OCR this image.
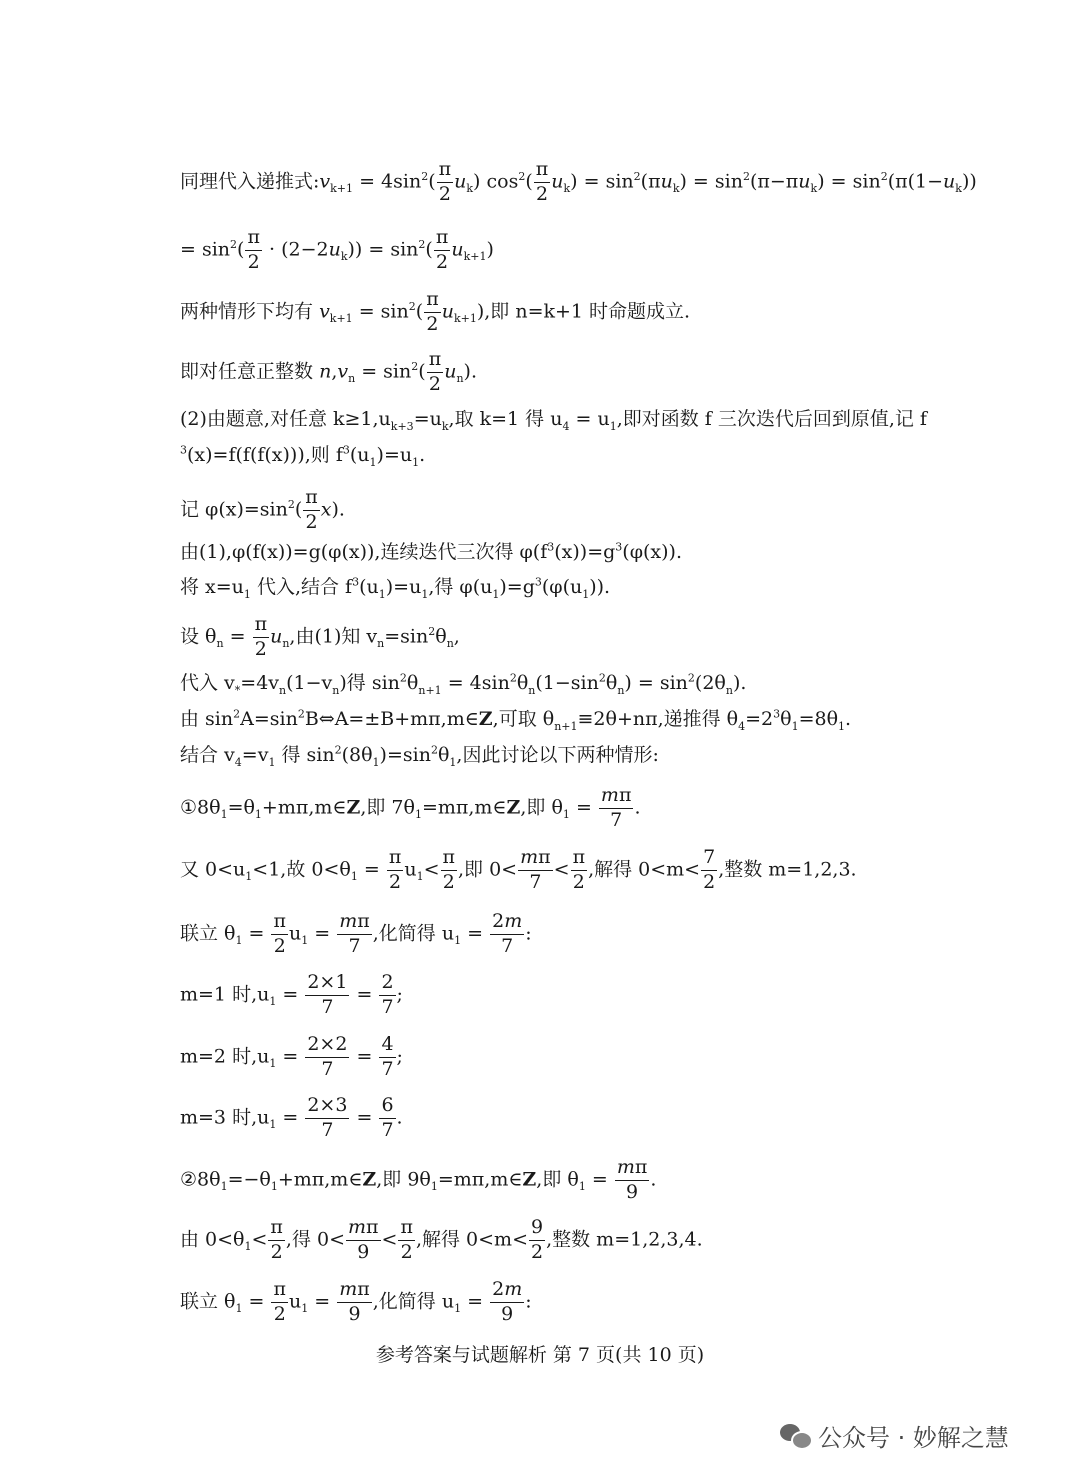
同理代入递推式$:v_{k+1} = 4\sin^2( \frac{\pi}{2} u_k)$ $\cos^2( \frac{\pi}{2} u_k) = \sin^2(\pi u_k) = \sin^2(\pi-\pi u_k) = \sin^2(\pi(1-u_k))$
= $\sin^2( \frac{\pi}{2} \cdot (2-2u_k)) = \sin^2( \frac{\pi}{2} u_{k+1})$
两种情形下均有 $v_{k+1} = \sin^2( \frac{\pi}{2} u_{k+1})$,即 n=k+1 时命题成立.
即对任意正整数 $n,v_n = \sin^2( \frac{\pi}{2} u_n)$.
(2)由题意,对任意 $k\ge 1,u_{k+3}=u_k$,取 k=1 得 $u_4 = u_1$,即对函数 f 三次迭代后回到原值,记 f
$^3$(x)=f(f(f(x))),则 $f^3(u_1)=u_1$.
记 $\varphi(x)=\sin^2( \frac{\pi}{2} x)$.
由(1),φ(f(x))=g(φ(x)),连续迭代三次得 $\varphi(f^3(x))=g^3(\varphi(x))$.
将 $x=u_1$ 代入,结合 $f^3(u_1)=u_1$,得 $\varphi(u_1)=g^3(\varphi(u_1))$.
设 $\theta_n = \frac{\pi}{2} u_n$,由(1)知 $v_n=\sin^2\theta_n$,
代入 $v_*=4v_n(1-v_n)$得 $\sin^2\theta_{n+1} = 4\sin^2\theta_n(1-\sin^2\theta_n) = \sin^2(2\theta_n)$.
由 $\sin^2A=\sin^2B\Leftrightarrow A=\pm B+m\pi,m\in Z$,可取 $\theta_{n+1}\equiv 2\theta+n\pi$,递推得 $\theta_4=2^3\theta_1=8\theta_1$.
结合 $v_4=v_1$ 得 $\sin^2(8\theta_1)=\sin^2\theta_1$,因此讨论以下两种情形:
$①8\theta_1=\theta_1+m\pi,m\in Z$,即 $7\theta_1=m\pi,m\in Z$,即 $\theta_1 = \frac{m\pi}{7}$ .
又 $0<u_1<1$,故 $0<\theta_1 = \frac{\pi}{2} u_1< \frac{\pi}{2}$ ,即 $0< \frac{m\pi}{7} < \frac{\pi}{2}$ ,解得 $0<m< \frac{7}{2}$ ,整数 m=1,2,3.
联立 $\theta_1 = \frac{\pi}{2} u_1 = \frac{m\pi}{7}$ ,化简得 $u_1 = \frac{2m}{7}$ :
m=1 时$,u_1 = \frac{2\times 1}{7} = \frac{2}{7}$ ;
m=2 时$,u_1 = \frac{2\times 2}{7} = \frac{4}{7}$ ;
m=3 时$,u_1 = \frac{2\times 3}{7} = \frac{6}{7}$ .
$②8\theta_1=-\theta_1+m\pi,m\in Z$,即 $9\theta_1=m\pi,m\in Z$,即 $\theta_1 = \frac{m\pi}{9}$ .
由 $0<\theta_1< \frac{\pi}{2}$ ,得 $0< \frac{m\pi}{9} < \frac{\pi}{2}$ ,解得 $0<m< \frac{9}{2}$ ,整数 m=1,2,3,4.
联立 $\theta_1 = \frac{\pi}{2} u_1 = \frac{m\pi}{9}$ ,化简得 $u_1 = \frac{2m}{9}$ :
参考答案与试题解析 第 7 页(共 10 页)
公众号 · 妙解之慧
